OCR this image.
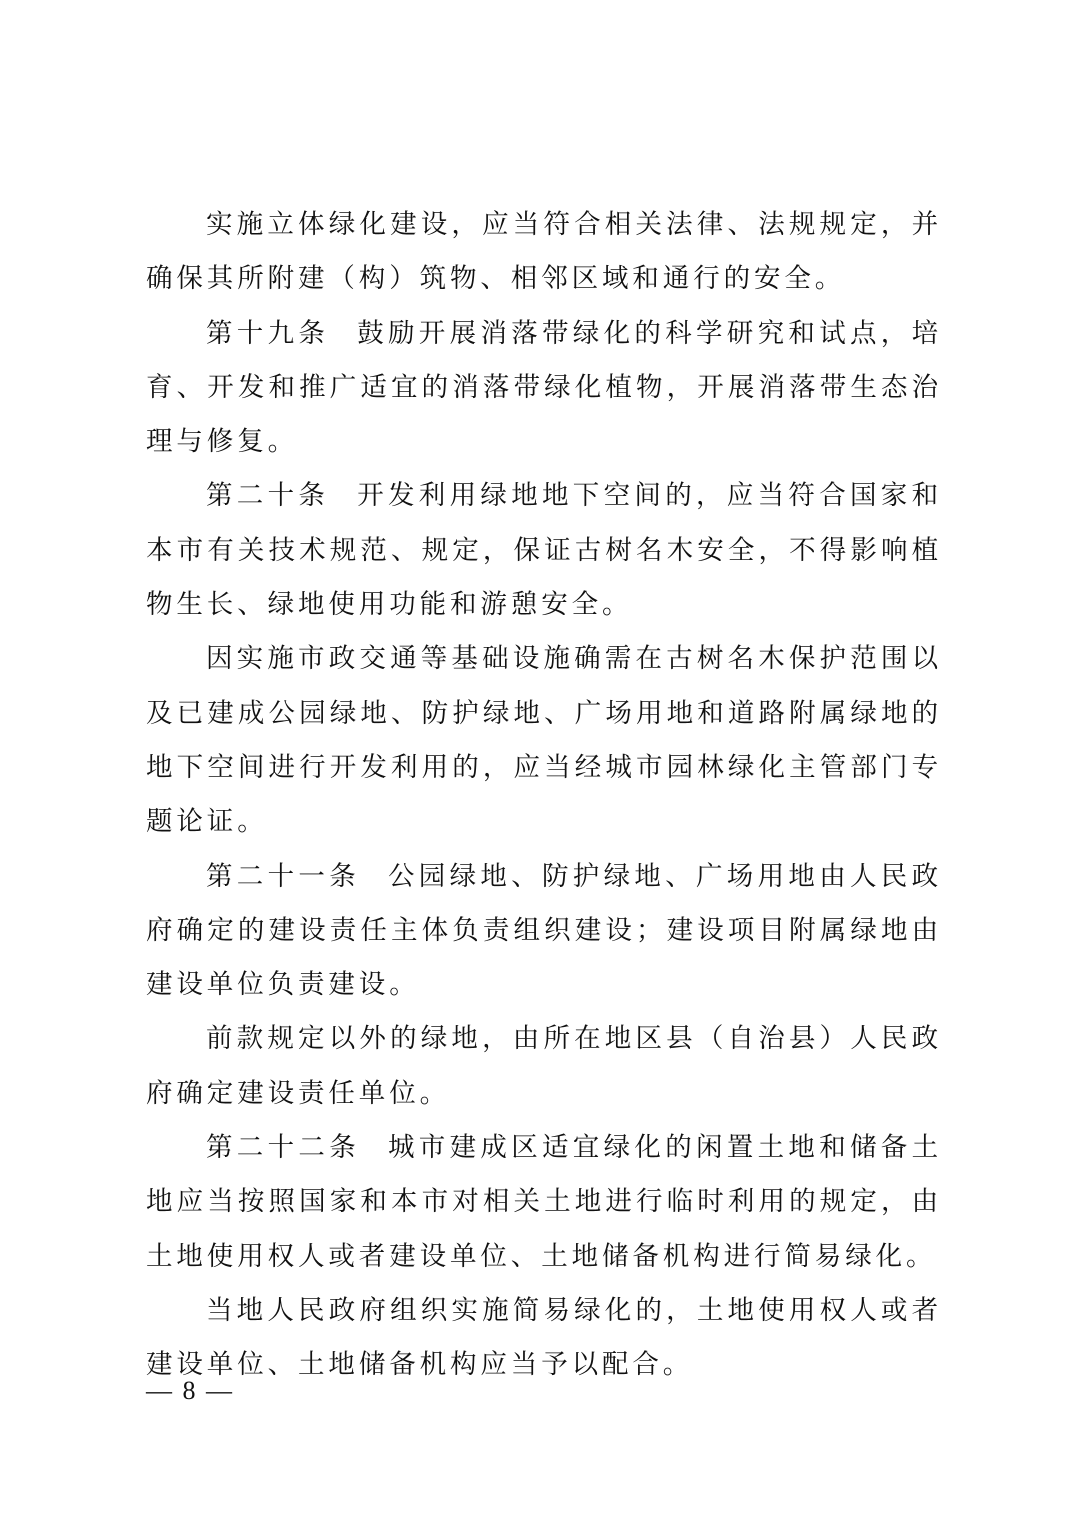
实施立体绿化建设，应当符合相关法律、法规规定，并确保其所附建（构）筑物、相邻区域和通行的安全。

第十九条 鼓励开展消落带绿化的科学研究和试点，培育、开发和推广适宜的消落带绿化植物，开展消落带生态治理与修复。

第二十条 开发利用绿地地下空间的，应当符合国家和本市有关技术规范、规定，保证古树名木安全，不得影响植物生长、绿地使用功能和游憩安全。

因实施市政交通等基础设施确需在古树名木保护范围以及已建成公园绿地、防护绿地、广场用地和道路附属绿地的地下空间进行开发利用的，应当经城市园林绿化主管部门专题论证。

第二十一条 公园绿地、防护绿地、广场用地由人民政府确定的建设责任主体负责组织建设；建设项目附属绿地由建设单位负责建设。

前款规定以外的绿地，由所在地区县（自治县）人民政府确定建设责任单位。

第二十二条 城市建成区适宜绿化的闲置土地和储备土地应当按照国家和本市对相关土地进行临时利用的规定，由土地使用权人或者建设单位、土地储备机构进行简易绿化。

当地人民政府组织实施简易绿化的，土地使用权人或者建设单位、土地储备机构应当予以配合。

— 8 —
